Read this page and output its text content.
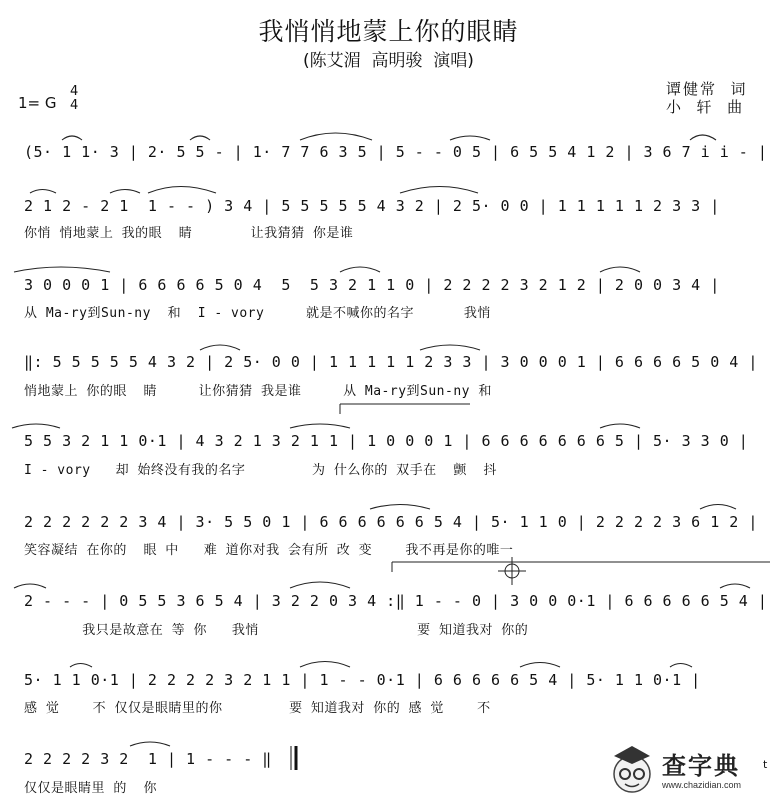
我悄悄地蒙上你的眼睛
(陈艾湄  高明骏  演唱)
1= G
4
4
谭健常  词
小  轩  曲
(5· 1 1· 3 | 2· 5 5 - | 1· 7 7 6 3 5 | 5 - - 0 5 | 6 5 5 4 1 2 | 3 6 7 i i - |
2 1 2 - 2 1  1 - - ) 3 4 | 5 5 5 5 5 4 3 2 | 2 5· 0 0 | 1 1 1 1 1 2 3 3 |
你悄 悄地蒙上 我的眼  睛       让我猜猜 你是谁
3 0 0 0 1 | 6 6 6 6 5 0 4  5  5 3 2 1 1 0 | 2 2 2 2 3 2 1 2 | 2 0 0 3 4 |
从 Ma-ry到Sun-ny  和  I - vory     就是不喊你的名字      我悄
‖: 5 5 5 5 5 4 3 2 | 2 5· 0 0 | 1 1 1 1 1 2 3 3 | 3 0 0 0 1 | 6 6 6 6 5 0 4 |
悄地蒙上 你的眼  睛     让你猜猜 我是谁     从 Ma-ry到Sun-ny 和
5 5 3 2 1 1 0·1 | 4 3 2 1 3 2 1 1 | 1 0 0 0 1 | 6 6 6 6 6 6 6 5 | 5· 3 3 0 |
I - vory   却 始终没有我的名字        为 什么你的 双手在  颤  抖
2 2 2 2 2 2 3 4 | 3· 5 5 0 1 | 6 6 6 6 6 6 5 4 | 5· 1 1 0 | 2 2 2 2 3 6 1 2 |
笑容凝结 在你的  眼 中   难 道你对我 会有所 改 变    我不再是你的唯一
2 - - - | 0 5 5 3 6 5 4 | 3 2 2 0 3 4 :‖ 1 - - 0 | 3 0 0 0·1 | 6 6 6 6 6 5 4 |
我只是故意在 等 你   我悄                   要 知道我对 你的
5· 1 1 0·1 | 2 2 2 2 3 2 1 1 | 1 - - 0·1 | 6 6 6 6 6 5 4 | 5· 1 1 0·1 |
感 觉    不 仅仅是眼睛里的你        要 知道我对 你的 感 觉    不
2 2 2 2 3 2  1 | 1 - - - ‖
仅仅是眼睛里 的  你
查字典
www.chazidian.com
t
